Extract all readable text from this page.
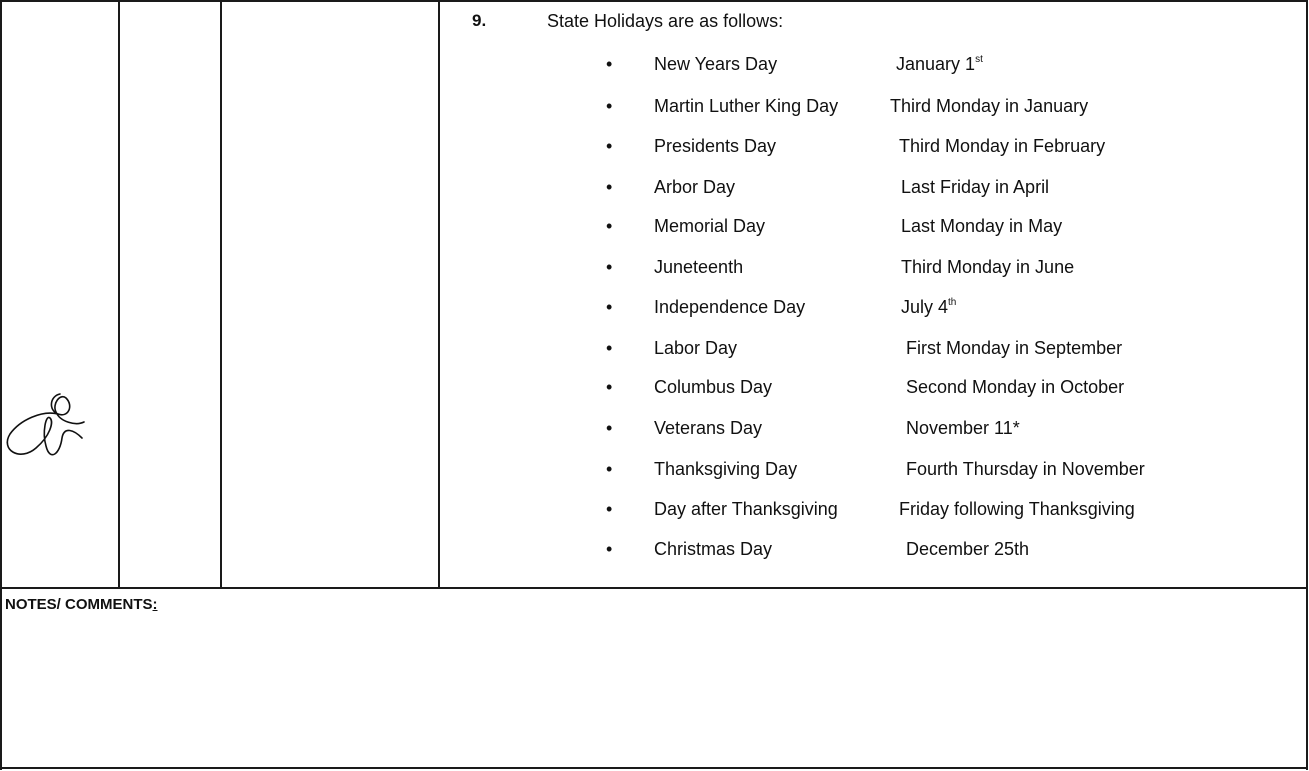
9.	State Holidays are as follows:
• New Years Day	January 1st
• Martin Luther King Day	Third Monday in January
• Presidents Day	Third Monday in February
• Arbor Day	Last Friday in April
• Memorial Day	Last Monday in May
• Juneteenth	Third Monday in June
• Independence Day	July 4th
• Labor Day	First Monday in September
• Columbus Day	Second Monday in October
• Veterans Day	November 11*
• Thanksgiving Day	Fourth Thursday in November
• Day after Thanksgiving	Friday following Thanksgiving
• Christmas Day	December 25th
NOTES/ COMMENTS:
